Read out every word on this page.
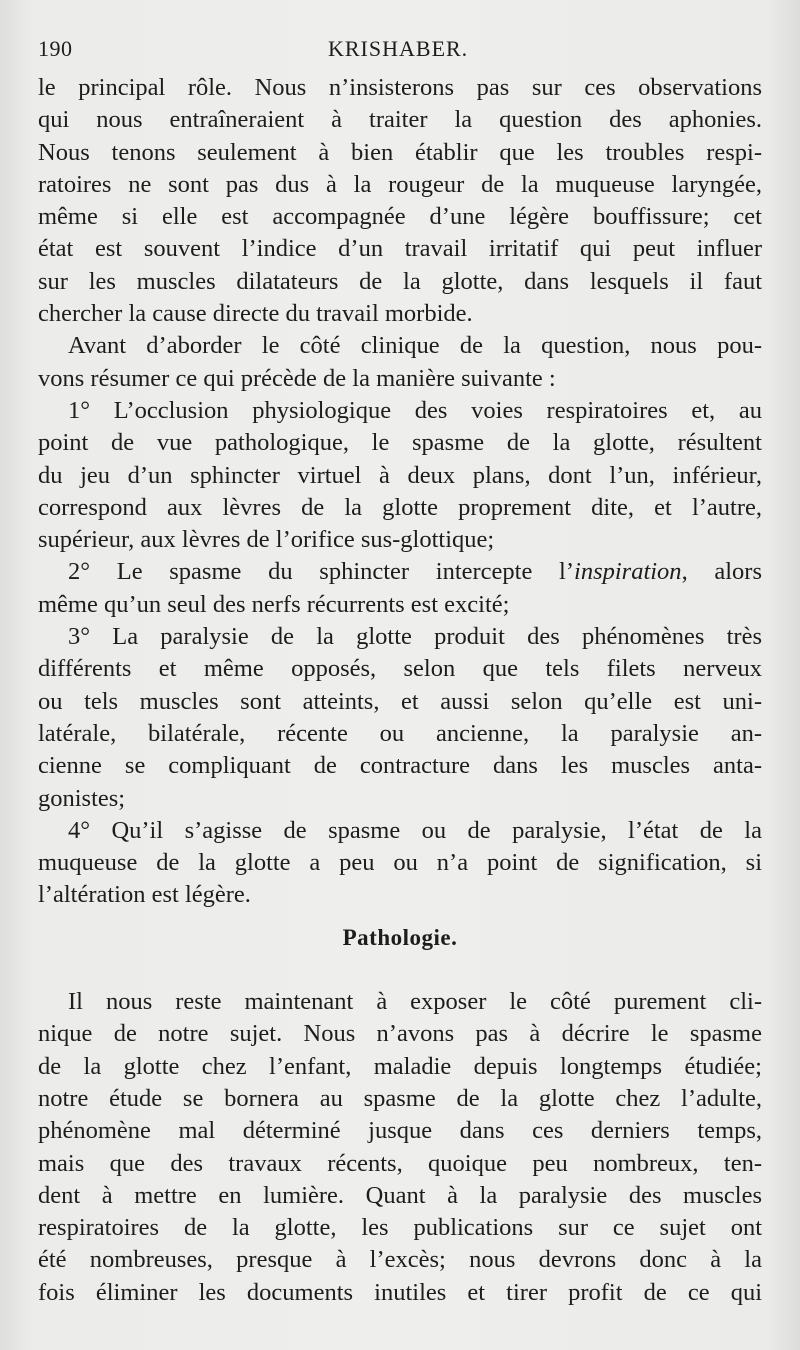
190	KRISHABER.
le principal rôle. Nous n’insisterons pas sur ces observations
qui nous entraîneraient à traiter la question des aphonies.
Nous tenons seulement à bien établir que les troubles respi-
ratoires ne sont pas dus à la rougeur de la muqueuse laryngée,
même si elle est accompagnée d’une légère bouffissure; cet
état est souvent l’indice d’un travail irritatif qui peut influer
sur les muscles dilatateurs de la glotte, dans lesquels il faut
chercher la cause directe du travail morbide.
Avant d’aborder le côté clinique de la question, nous pou-
vons résumer ce qui précède de la manière suivante :
1° L’occlusion physiologique des voies respiratoires et, au
point de vue pathologique, le spasme de la glotte, résultent
du jeu d’un sphincter virtuel à deux plans, dont l’un, inférieur,
correspond aux lèvres de la glotte proprement dite, et l’autre,
supérieur, aux lèvres de l’orifice sus-glottique;
2° Le spasme du sphincter intercepte l’inspiration, alors
même qu’un seul des nerfs récurrents est excité;
3° La paralysie de la glotte produit des phénomènes très
différents et même opposés, selon que tels filets nerveux
ou tels muscles sont atteints, et aussi selon qu’elle est uni-
latérale, bilatérale, récente ou ancienne, la paralysie an-
cienne se compliquant de contracture dans les muscles anta-
gonistes;
4° Qu’il s’agisse de spasme ou de paralysie, l’état de la
muqueuse de la glotte a peu ou n’a point de signification, si
l’altération est légère.
Pathologie.
Il nous reste maintenant à exposer le côté purement cli-
nique de notre sujet. Nous n’avons pas à décrire le spasme
de la glotte chez l’enfant, maladie depuis longtemps étudiée;
notre étude se bornera au spasme de la glotte chez l’adulte,
phénomène mal déterminé jusque dans ces derniers temps,
mais que des travaux récents, quoique peu nombreux, ten-
dent à mettre en lumière. Quant à la paralysie des muscles
respiratoires de la glotte, les publications sur ce sujet ont
été nombreuses, presque à l’excès; nous devrons donc à la
fois éliminer les documents inutiles et tirer profit de ce qui
